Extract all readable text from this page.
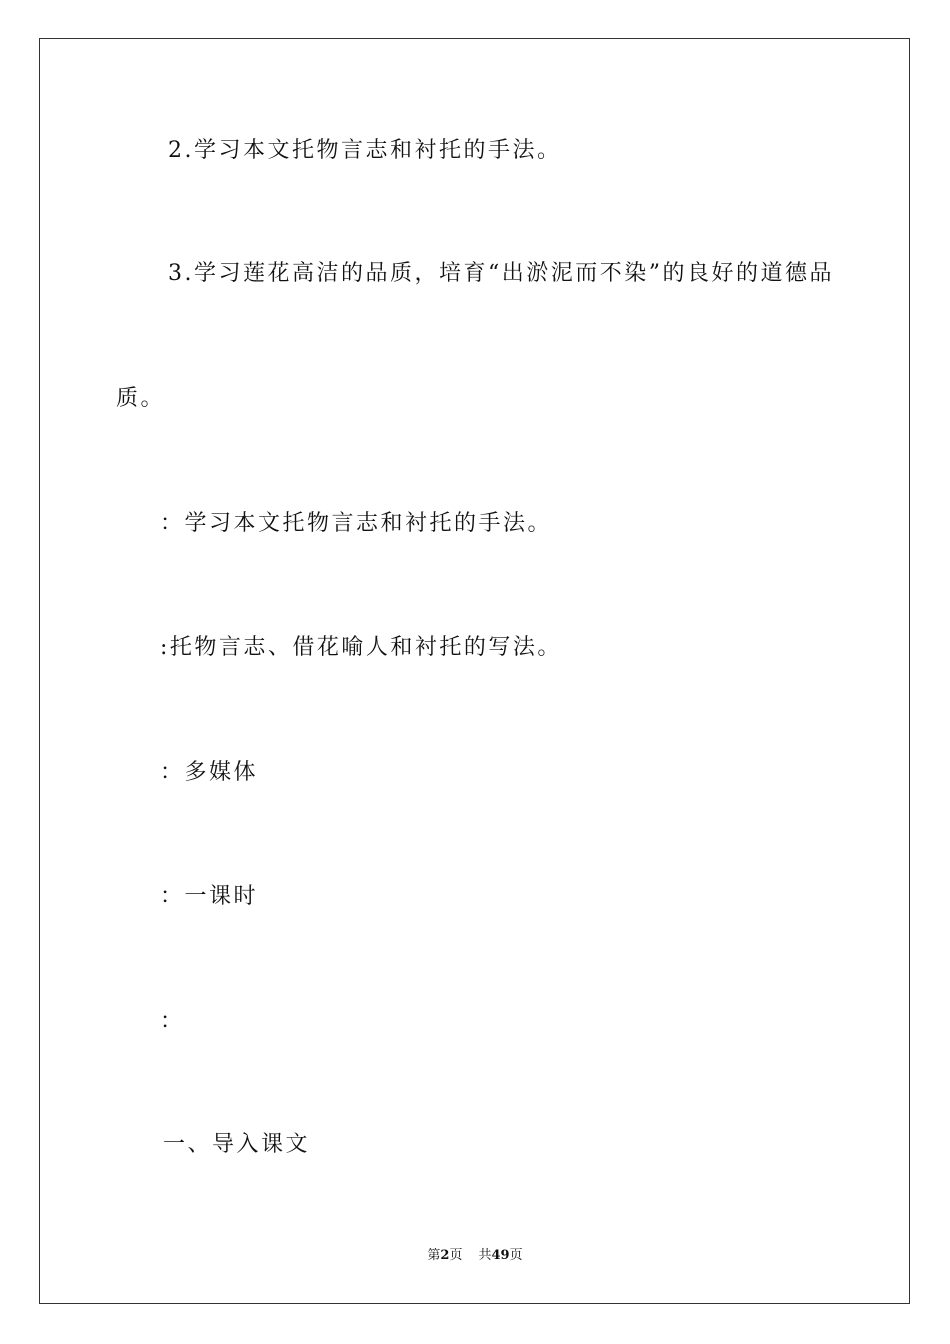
2.学习本文托物言志和衬托的手法。
3.学习莲花高洁的品质，培育“出淤泥而不染”的良好的道德品
质。
：学习本文托物言志和衬托的手法。
:托物言志、借花喻人和衬托的写法。
：多媒体
：一课时
：
一、导入课文
第2页 共49页
